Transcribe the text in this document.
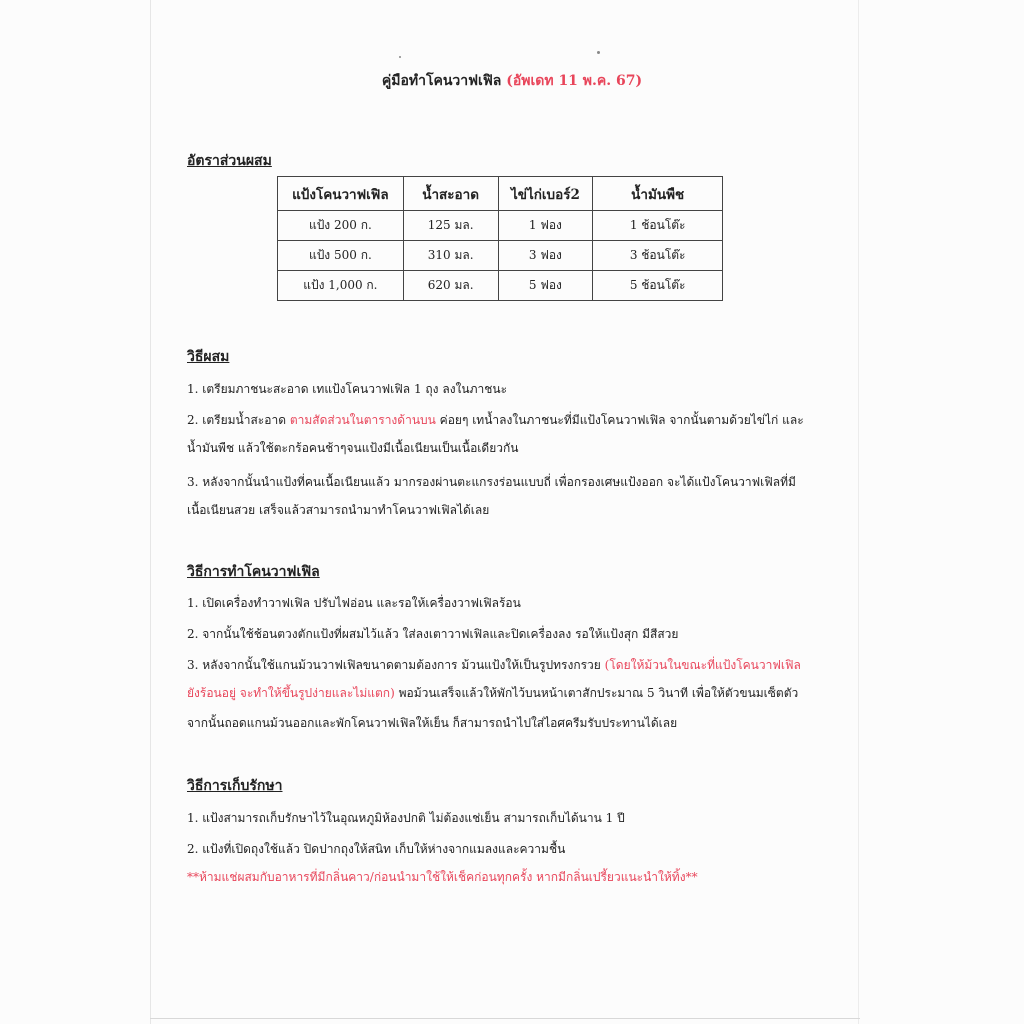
คู่มือทำโคนวาฟเฟิล (อัพเดท 11 พ.ค. 67)
อัตราส่วนผสม
แป้งโคนวาฟเฟิล	น้ำสะอาด	ไข่ไก่เบอร์2	น้ำมันพืช
แป้ง 200 ก.	125 มล.	1 ฟอง	1 ช้อนโต๊ะ
แป้ง 500 ก.	310 มล.	3 ฟอง	3 ช้อนโต๊ะ
แป้ง 1,000 ก.	620 มล.	5 ฟอง	5 ช้อนโต๊ะ
วิธีผสม
1. เตรียมภาชนะสะอาด เทแป้งโคนวาฟเฟิล 1 ถุง ลงในภาชนะ
2. เตรียมน้ำสะอาด ตามสัดส่วนในตารางด้านบน ค่อยๆ เทน้ำลงในภาชนะที่มีแป้งโคนวาฟเฟิล จากนั้นตามด้วยไข่ไก่ และ
น้ำมันพืช แล้วใช้ตะกร้อคนช้าๆจนแป้งมีเนื้อเนียนเป็นเนื้อเดียวกัน
3. หลังจากนั้นนำแป้งที่คนเนื้อเนียนแล้ว มากรองผ่านตะแกรงร่อนแบบถี่ เพื่อกรองเศษแป้งออก จะได้แป้งโคนวาฟเฟิลที่มี
เนื้อเนียนสวย เสร็จแล้วสามารถนำมาทำโคนวาฟเฟิลได้เลย
วิธีการทำโคนวาฟเฟิล
1. เปิดเครื่องทำวาฟเฟิล ปรับไฟอ่อน และรอให้เครื่องวาฟเฟิลร้อน
2. จากนั้นใช้ช้อนตวงตักแป้งที่ผสมไว้แล้ว ใส่ลงเตาวาฟเฟิลและปิดเครื่องลง รอให้แป้งสุก มีสีสวย
3. หลังจากนั้นใช้แกนม้วนวาฟเฟิลขนาดตามต้องการ ม้วนแป้งให้เป็นรูปทรงกรวย (โดยให้ม้วนในขณะที่แป้งโคนวาฟเฟิล
ยังร้อนอยู่ จะทำให้ขึ้นรูปง่ายและไม่แตก) พอม้วนเสร็จแล้วให้พักไว้บนหน้าเตาสักประมาณ 5 วินาที เพื่อให้ตัวขนมเซ็ตตัว
จากนั้นถอดแกนม้วนออกและพักโคนวาฟเฟิลให้เย็น ก็สามารถนำไปใส่ไอศครีมรับประทานได้เลย
วิธีการเก็บรักษา
1. แป้งสามารถเก็บรักษาไว้ในอุณหภูมิห้องปกติ ไม่ต้องแช่เย็น สามารถเก็บได้นาน 1 ปี
2. แป้งที่เปิดถุงใช้แล้ว ปิดปากถุงให้สนิท เก็บให้ห่างจากแมลงและความชื้น
**ห้ามแช่ผสมกับอาหารที่มีกลิ่นคาว/ก่อนนำมาใช้ให้เช็คก่อนทุกครั้ง หากมีกลิ่นเปรี้ยวแนะนำให้ทิ้ง**
